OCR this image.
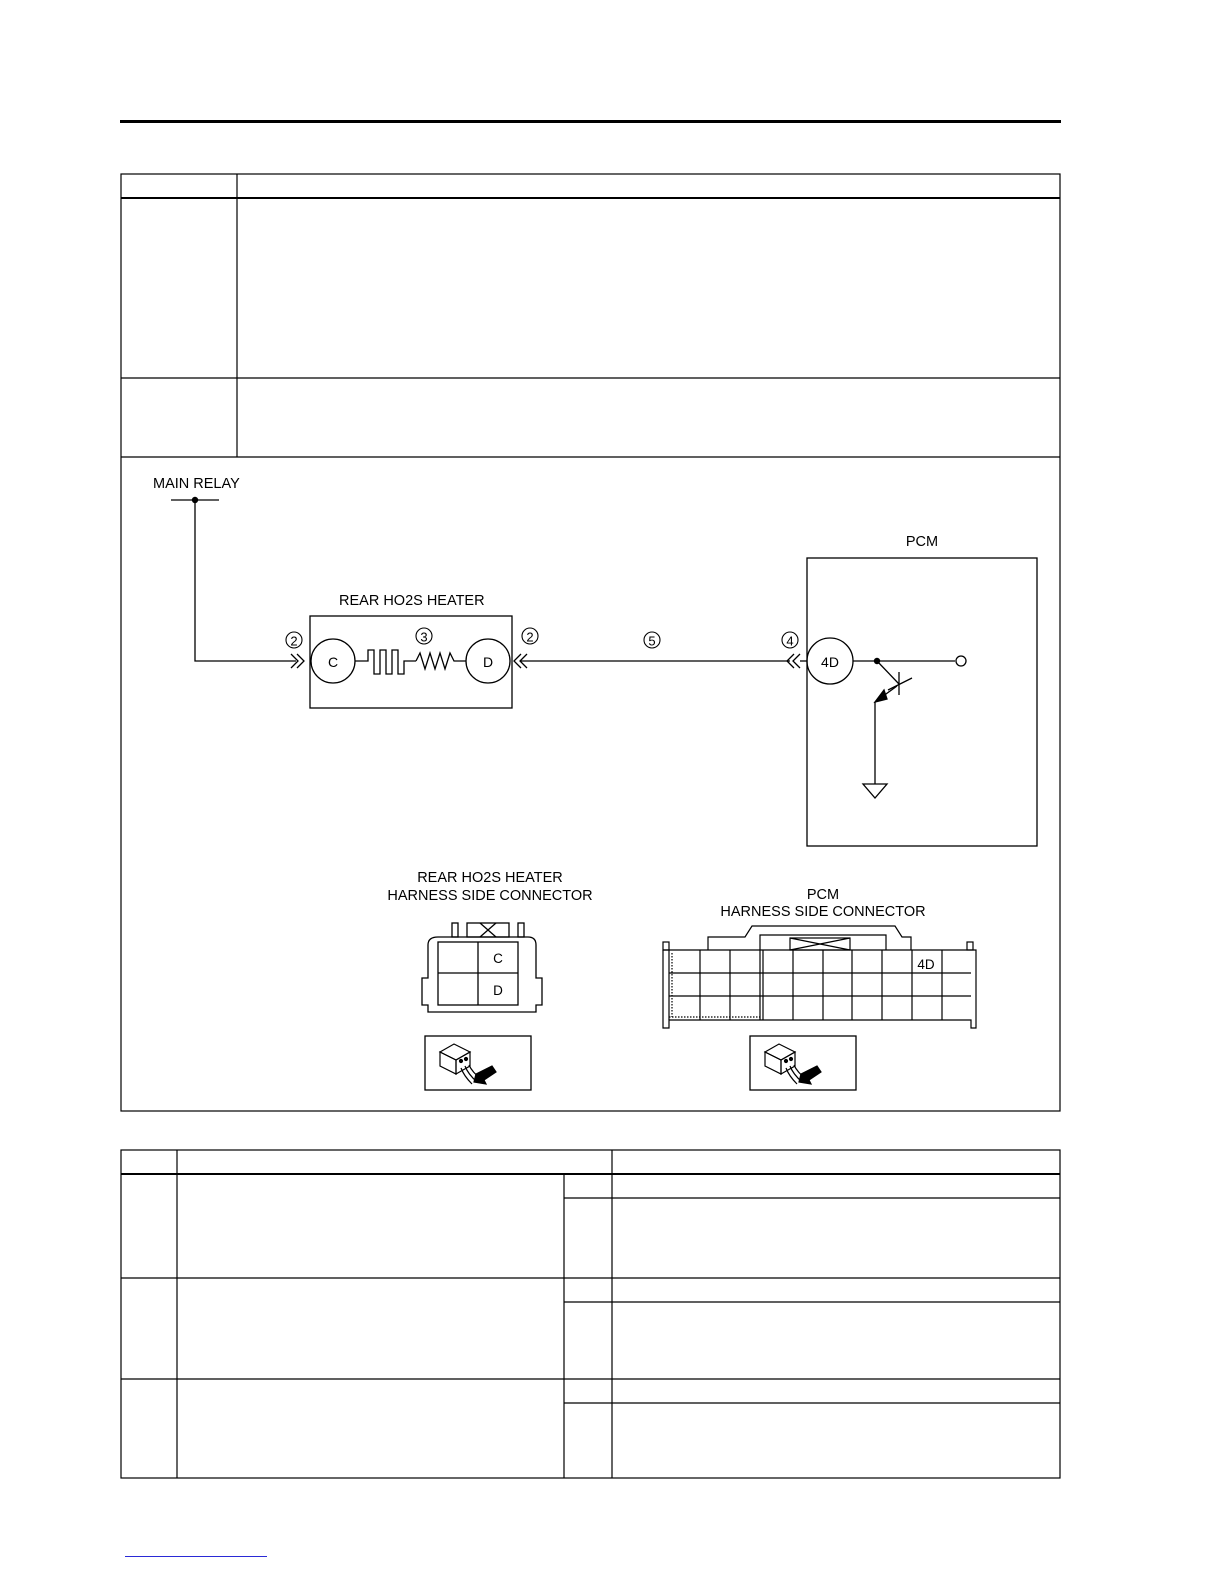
MAIN RELAY
REAR HO2S HEATER
C	D
2	3	2	5	4
PCM
4D
REAR HO2S HEATER
HARNESS SIDE CONNECTOR
C
D
PCM
HARNESS SIDE CONNECTOR
4D
